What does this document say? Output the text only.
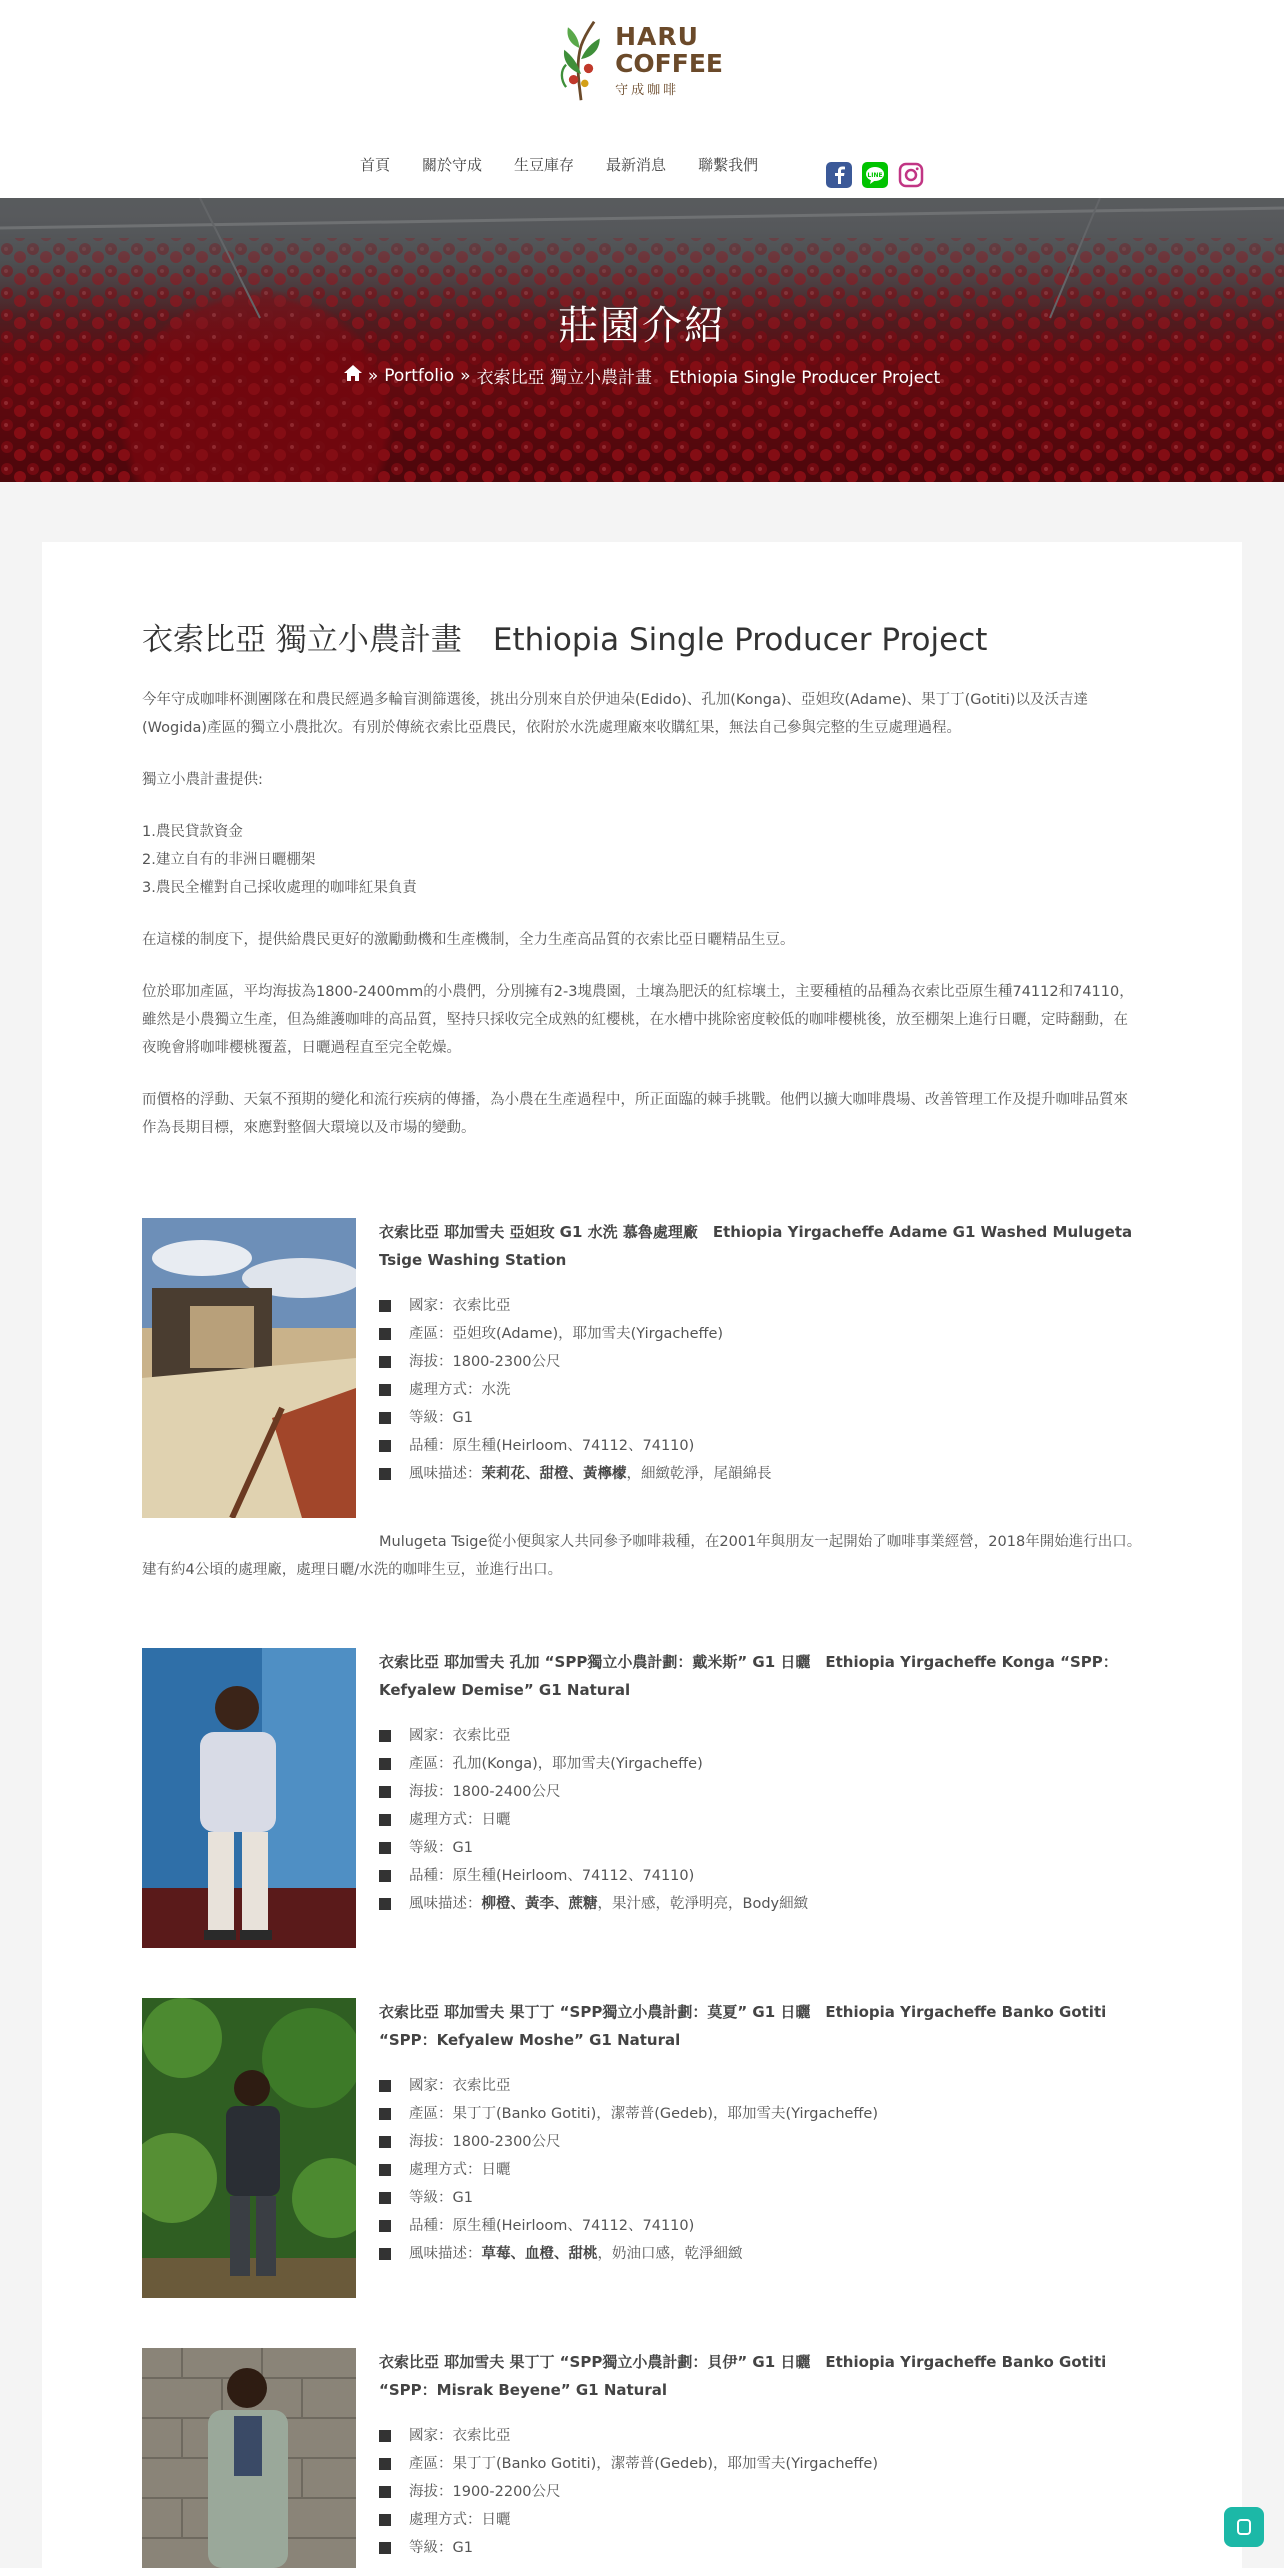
HARU
COFFEE
守成咖啡
首頁 關於守成 生豆庫存 最新消息 聯繫我們
LINE
莊園介紹
» Portfolio » 衣索比亞 獨立小農計畫　Ethiopia Single Producer Project
衣索比亞 獨立小農計畫　Ethiopia Single Producer Project

今年守成咖啡杯測團隊在和農民經過多輪盲測篩選後，挑出分別來自於伊迪朵(Edido)、孔加(Konga)、亞妲玫(Adame)、果丁丁(Gotiti)以及沃吉達(Wogida)產區的獨立小農批次。有別於傳統衣索比亞農民，依附於水洗處理廠來收購紅果，無法自己參與完整的生豆處理過程。

獨立小農計畫提供:

1.農民貸款資金

2.建立自有的非洲日曬棚架

3.農民全權對自己採收處理的咖啡紅果負責

在這樣的制度下，提供給農民更好的激勵動機和生產機制，全力生產高品質的衣索比亞日曬精品生豆。

位於耶加產區，平均海拔為1800-2400mm的小農們，分別擁有2-3塊農園，土壤為肥沃的紅棕壤土，主要種植的品種為衣索比亞原生種74112和74110，雖然是小農獨立生產，但為維護咖啡的高品質，堅持只採收完全成熟的紅櫻桃，在水槽中挑除密度較低的咖啡櫻桃後，放至棚架上進行日曬，定時翻動，在夜晚會將咖啡櫻桃覆蓋，日曬過程直至完全乾燥。

而價格的浮動、天氣不預期的變化和流行疾病的傳播，為小農在生產過程中，所正面臨的棘手挑戰。他們以擴大咖啡農場、改善管理工作及提升咖啡品質來作為長期目標，來應對整個大環境以及市場的變動。

衣索比亞 耶加雪夫 亞妲玫 G1 水洗 慕魯處理廠　Ethiopia Yirgacheffe Adame G1 Washed Mulugeta Tsige Washing Station
國家：衣索比亞
產區：亞妲玫(Adame)，耶加雪夫(Yirgacheffe)
海拔：1800-2300公尺
處理方式：水洗
等級：G1
品種：原生種(Heirloom、74112、74110)
風味描述： 茉莉花、甜橙、黃檸檬 ，細緻乾淨，尾韻綿長

Mulugeta Tsige從小便與家人共同參予咖啡栽種，在2001年與朋友一起開始了咖啡事業經營，2018年開始進行出口。建有約4公頃的處理廠，處理日曬/水洗的咖啡生豆，並進行出口。

衣索比亞 耶加雪夫 孔加 “SPP獨立小農計劃：戴米斯” G1 日曬　Ethiopia Yirgacheffe Konga “SPP：Kefyalew Demise” G1 Natural
國家：衣索比亞
產區：孔加(Konga)，耶加雪夫(Yirgacheffe)
海拔：1800-2400公尺
處理方式：日曬
等級：G1
品種：原生種(Heirloom、74112、74110)
風味描述： 柳橙、黃李、蔗糖 ，果汁感，乾淨明亮，Body細緻
衣索比亞 耶加雪夫 果丁丁 “SPP獨立小農計劃：莫夏” G1 日曬　Ethiopia Yirgacheffe Banko Gotiti “SPP：Kefyalew Moshe” G1 Natural
國家：衣索比亞
產區：果丁丁(Banko Gotiti)，潔蒂普(Gedeb)，耶加雪夫(Yirgacheffe)
海拔：1800-2300公尺
處理方式：日曬
等級：G1
品種：原生種(Heirloom、74112、74110)
風味描述： 草莓、血橙、甜桃 ，奶油口感，乾淨細緻
衣索比亞 耶加雪夫 果丁丁 “SPP獨立小農計劃：貝伊” G1 日曬　Ethiopia Yirgacheffe Banko Gotiti “SPP：Misrak Beyene” G1 Natural
國家：衣索比亞
產區：果丁丁(Banko Gotiti)，潔蒂普(Gedeb)，耶加雪夫(Yirgacheffe)
海拔：1900-2200公尺
處理方式：日曬
等級：G1
